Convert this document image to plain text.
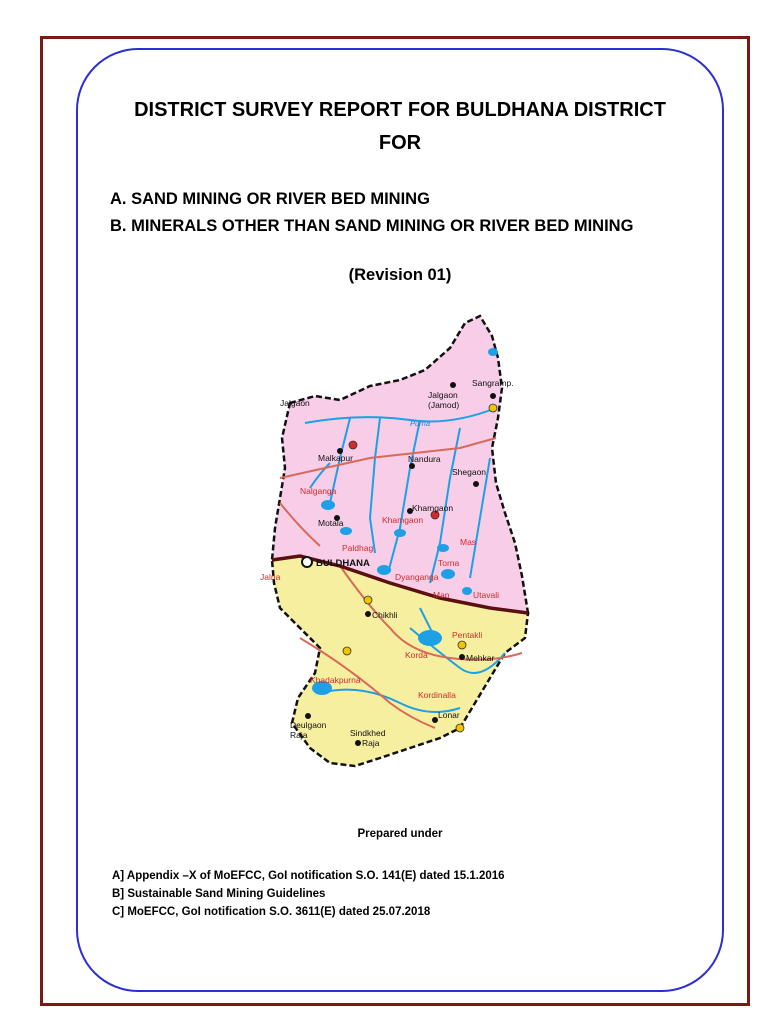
DISTRICT SURVEY REPORT FOR BULDHANA DISTRICT
FOR
A. SAND MINING OR RIVER BED MINING
B. MINERALS OTHER THAN SAND MINING OR RIVER BED MINING
(Revision 01)
Sangramp.
Jalgaon
(Jamod)
Jalgaon
Malkapur	Nandura
Shegaon
Khamgaon
Motala
BULDHANA
Chikhli
Mehkar
Deulgaon
Raja
Lonar
Sindkhed
Raja
Jalna
Purna
Nalganga
Khamgaon
Paldhag
Mas
Dyanganga
Torna
Man	Utavali
Pentakli
Korda
Khadakpurna
Kordinalla
Prepared under
A] Appendix –X of MoEFCC, GoI notification S.O. 141(E) dated 15.1.2016
B] Sustainable Sand Mining Guidelines
C] MoEFCC, GoI notification S.O. 3611(E) dated 25.07.2018
